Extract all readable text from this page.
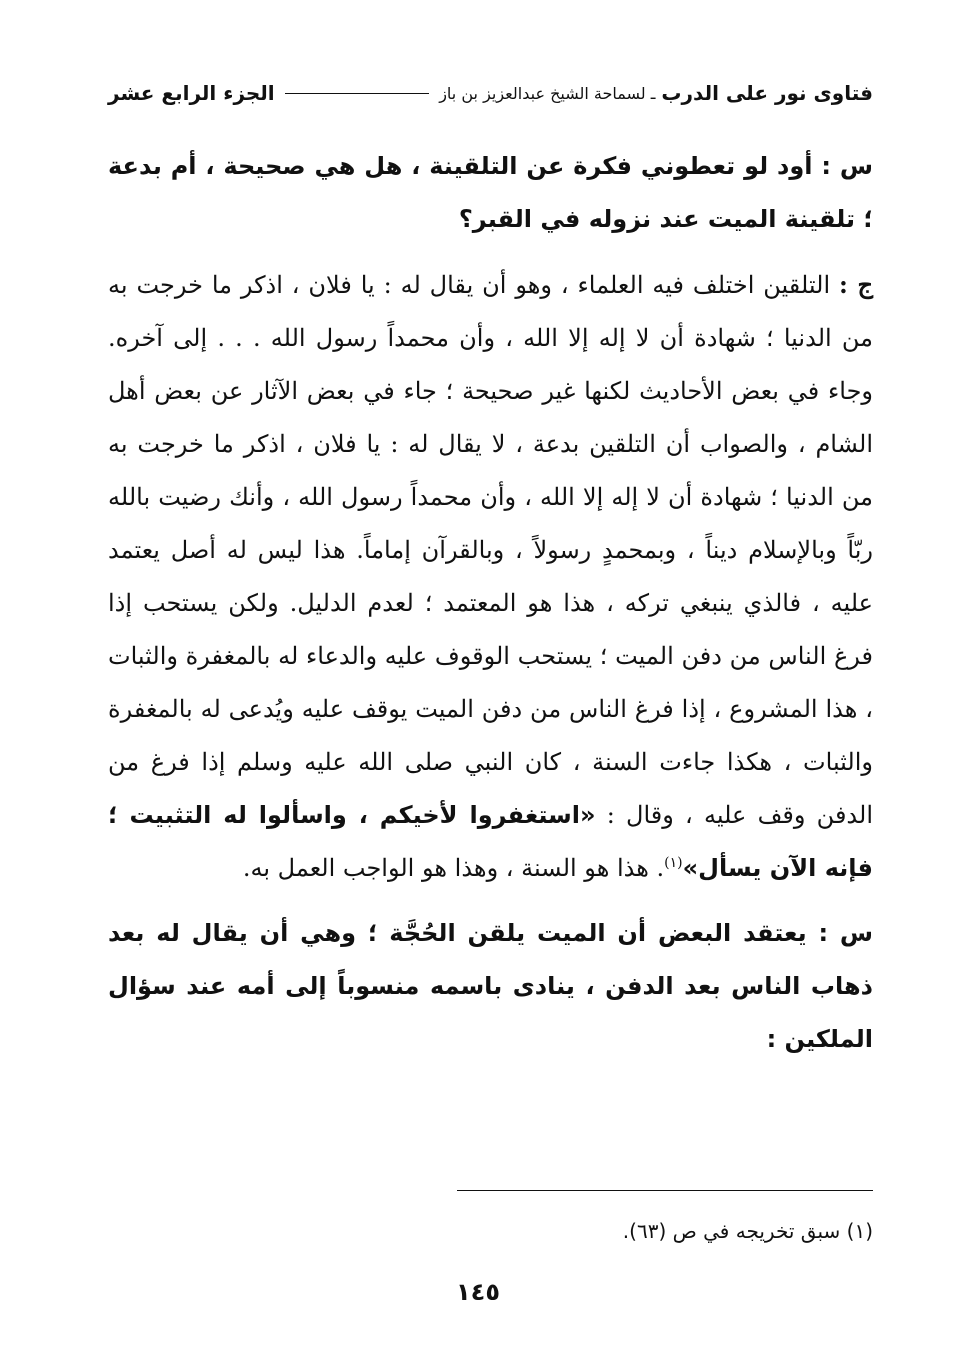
فتاوى نور على الدرب
ـ لسماحة الشيخ عبدالعزيز بن باز
الجزء الرابع عشر

س : أود لو تعطوني فكرة عن التلقينة ، هل هي صحيحة ، أم بدعة ؛ تلقينة الميت عند نزوله في القبر؟

ج : التلقين اختلف فيه العلماء ، وهو أن يقال له : يا فلان ، اذكر ما خرجت به من الدنيا ؛ شهادة أن لا إله إلا الله ، وأن محمداً رسول الله . . . إلى آخره. وجاء في بعض الأحاديث لكنها غير صحيحة ؛ جاء في بعض الآثار عن بعض أهل الشام ، والصواب أن التلقين بدعة ، لا يقال له : يا فلان ، اذكر ما خرجت به من الدنيا ؛ شهادة أن لا إله إلا الله ، وأن محمداً رسول الله ، وأنك رضيت بالله ربّاً وبالإسلام ديناً ، وبمحمدٍ رسولاً ، وبالقرآن إماماً. هذا ليس له أصل يعتمد عليه ، فالذي ينبغي تركه ، هذا هو المعتمد ؛ لعدم الدليل. ولكن يستحب إذا فرغ الناس من دفن الميت ؛ يستحب الوقوف عليه والدعاء له بالمغفرة والثبات ، هذا المشروع ، إذا فرغ الناس من دفن الميت يوقف عليه ويُدعى له بالمغفرة والثبات ، هكذا جاءت السنة ، كان النبي صلى الله عليه وسلم إذا فرغ من الدفن وقف عليه ، وقال : «استغفروا لأخيكم ، واسألوا له التثبيت ؛ فإنه الآن يسأل»$^{(١)}$. هذا هو السنة ، وهذا هو الواجب العمل به.

س : يعتقد البعض أن الميت يلقن الحُجَّة ؛ وهي أن يقال له بعد ذهاب الناس بعد الدفن ، ينادى باسمه منسوباً إلى أمه عند سؤال الملكين :

(١) سبق تخريجه في ص (٦٣).
١٤٥
